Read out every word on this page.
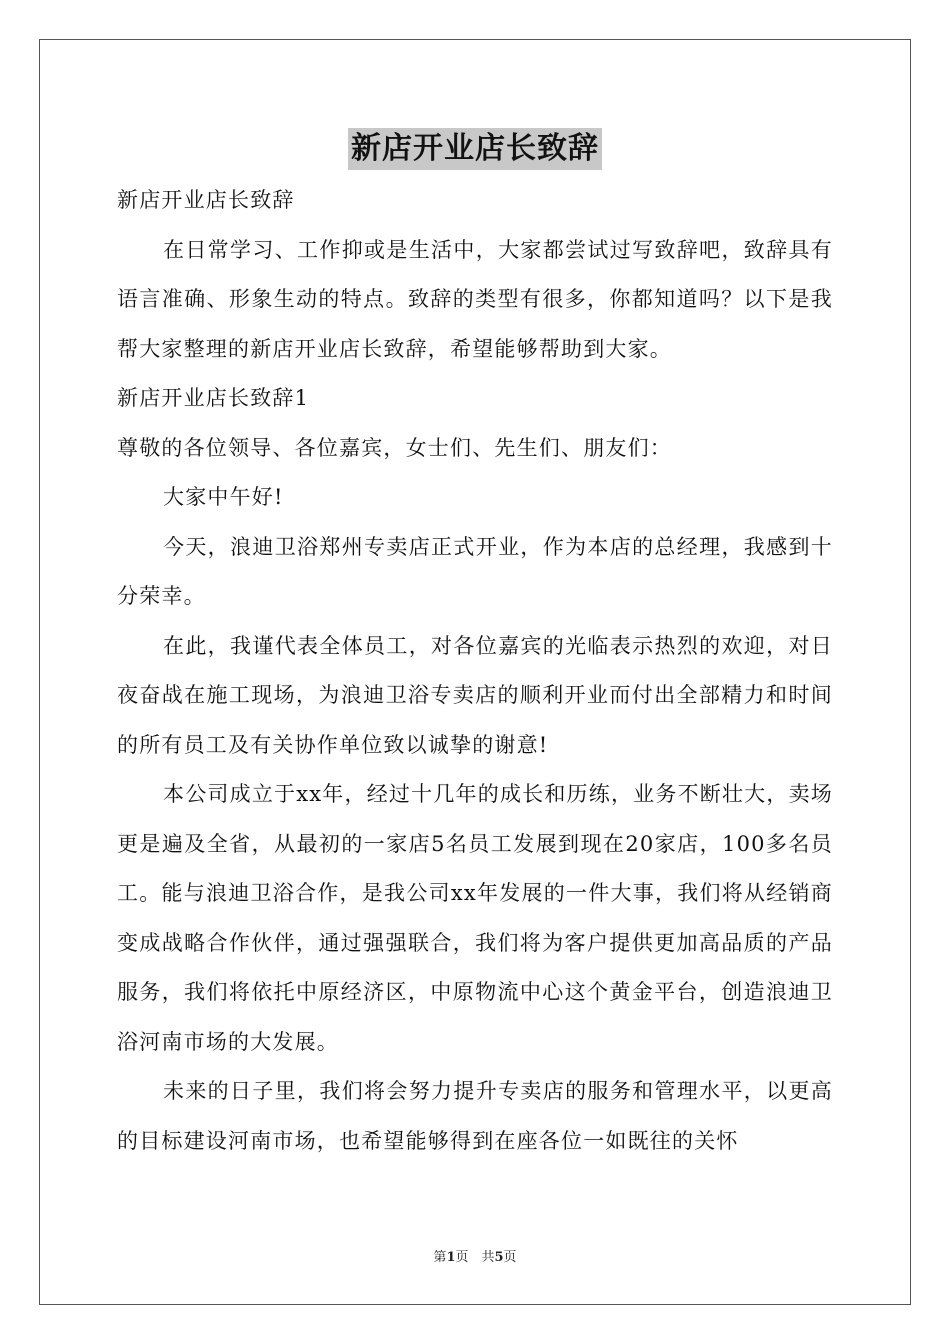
新店开业店长致辞

新店开业店长致辞

在日常学习、工作抑或是生活中，大家都尝试过写致辞吧，致辞具有语言准确、形象生动的特点。致辞的类型有很多，你都知道吗？以下是我帮大家整理的新店开业店长致辞，希望能够帮助到大家。

新店开业店长致辞1

尊敬的各位领导、各位嘉宾，女士们、先生们、朋友们：

大家中午好!

今天，浪迪卫浴郑州专卖店正式开业，作为本店的总经理，我感到十分荣幸。

在此，我谨代表全体员工，对各位嘉宾的光临表示热烈的欢迎，对日夜奋战在施工现场，为浪迪卫浴专卖店的顺利开业而付出全部精力和时间的所有员工及有关协作单位致以诚挚的谢意!

本公司成立于xx年，经过十几年的成长和历练，业务不断壮大，卖场更是遍及全省，从最初的一家店5名员工发展到现在20家店，100多名员工。能与浪迪卫浴合作，是我公司xx年发展的一件大事，我们将从经销商变成战略合作伙伴，通过强强联合，我们将为客户提供更加高品质的产品服务，我们将依托中原经济区，中原物流中心这个黄金平台，创造浪迪卫浴河南市场的大发展。

未来的日子里，我们将会努力提升专卖店的服务和管理水平，以更高的目标建设河南市场，也希望能够得到在座各位一如既往的关怀

第1页　共5页
